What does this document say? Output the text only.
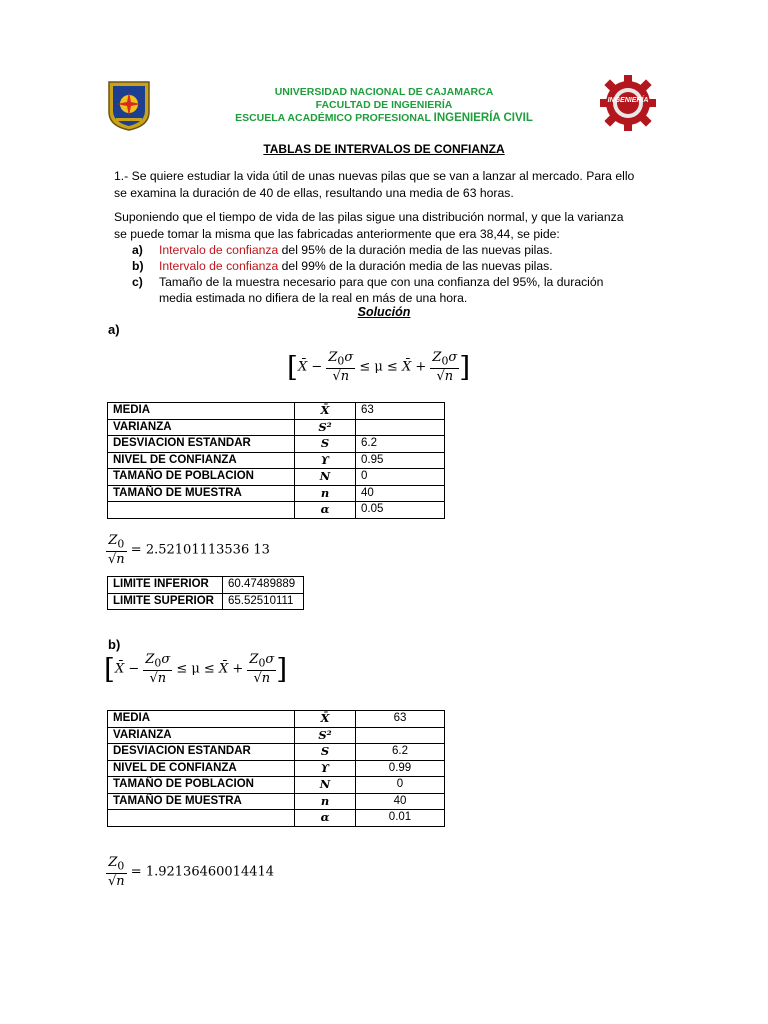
INGENIERÍA
UNIVERSIDAD NACIONAL DE CAJAMARCA
FACULTAD DE INGENIERÍA
ESCUELA ACADÉMICO PROFESIONAL INGENIERÍA CIVIL
TABLAS DE INTERVALOS DE CONFIANZA
1.- Se quiere estudiar la vida útil de unas nuevas pilas que se van a lanzar al mercado. Para ello
se examina la duración de 40 de ellas, resultando una media de 63 horas.
Suponiendo que el tiempo de vida de las pilas sigue una distribución normal, y que la varianza
se puede tomar la misma que las fabricadas anteriormente que era 38,44, se pide:
a) Intervalo de confianza del 95% de la duración media de las nuevas pilas.
b) Intervalo de confianza del 99% de la duración media de las nuevas pilas.
c) Tamaño de la muestra necesario para que con una confianza del 95%, la duración
media estimada no difiera de la real en más de una hora.
Solución
a)
[X̄ − $\frac{Z_0\sigma}{√n} \le \mu$ ≤ X̄ + $\frac{Z_0\sigma}{√n}$ ]
MEDIA	X̄	63
VARIANZA	S²	
DESVIACION ESTANDAR	S	6.2
NIVEL DE CONFIANZA	ϒ	0.95
TAMAÑO DE POBLACION	N	0
TAMAÑO DE MUESTRA	n	40
	α	0.05
$\frac{Z_0}{√n} = 2.52101113536$ 13
LIMITE INFERIOR	60.47489889
LIMITE SUPERIOR	65.52510111
b)
[X̄ − $\frac{Z_0\sigma}{√n} \le \mu$ ≤ X̄ + $\frac{Z_0\sigma}{√n}$ ]
MEDIA	X̄	63
VARIANZA	S²	
DESVIACION ESTANDAR	S	6.2
NIVEL DE CONFIANZA	ϒ	0.99
TAMAÑO DE POBLACION	N	0
TAMAÑO DE MUESTRA	n	40
	α	0.01
$\frac{Z_0}{√n} = 1.92136460014414$
